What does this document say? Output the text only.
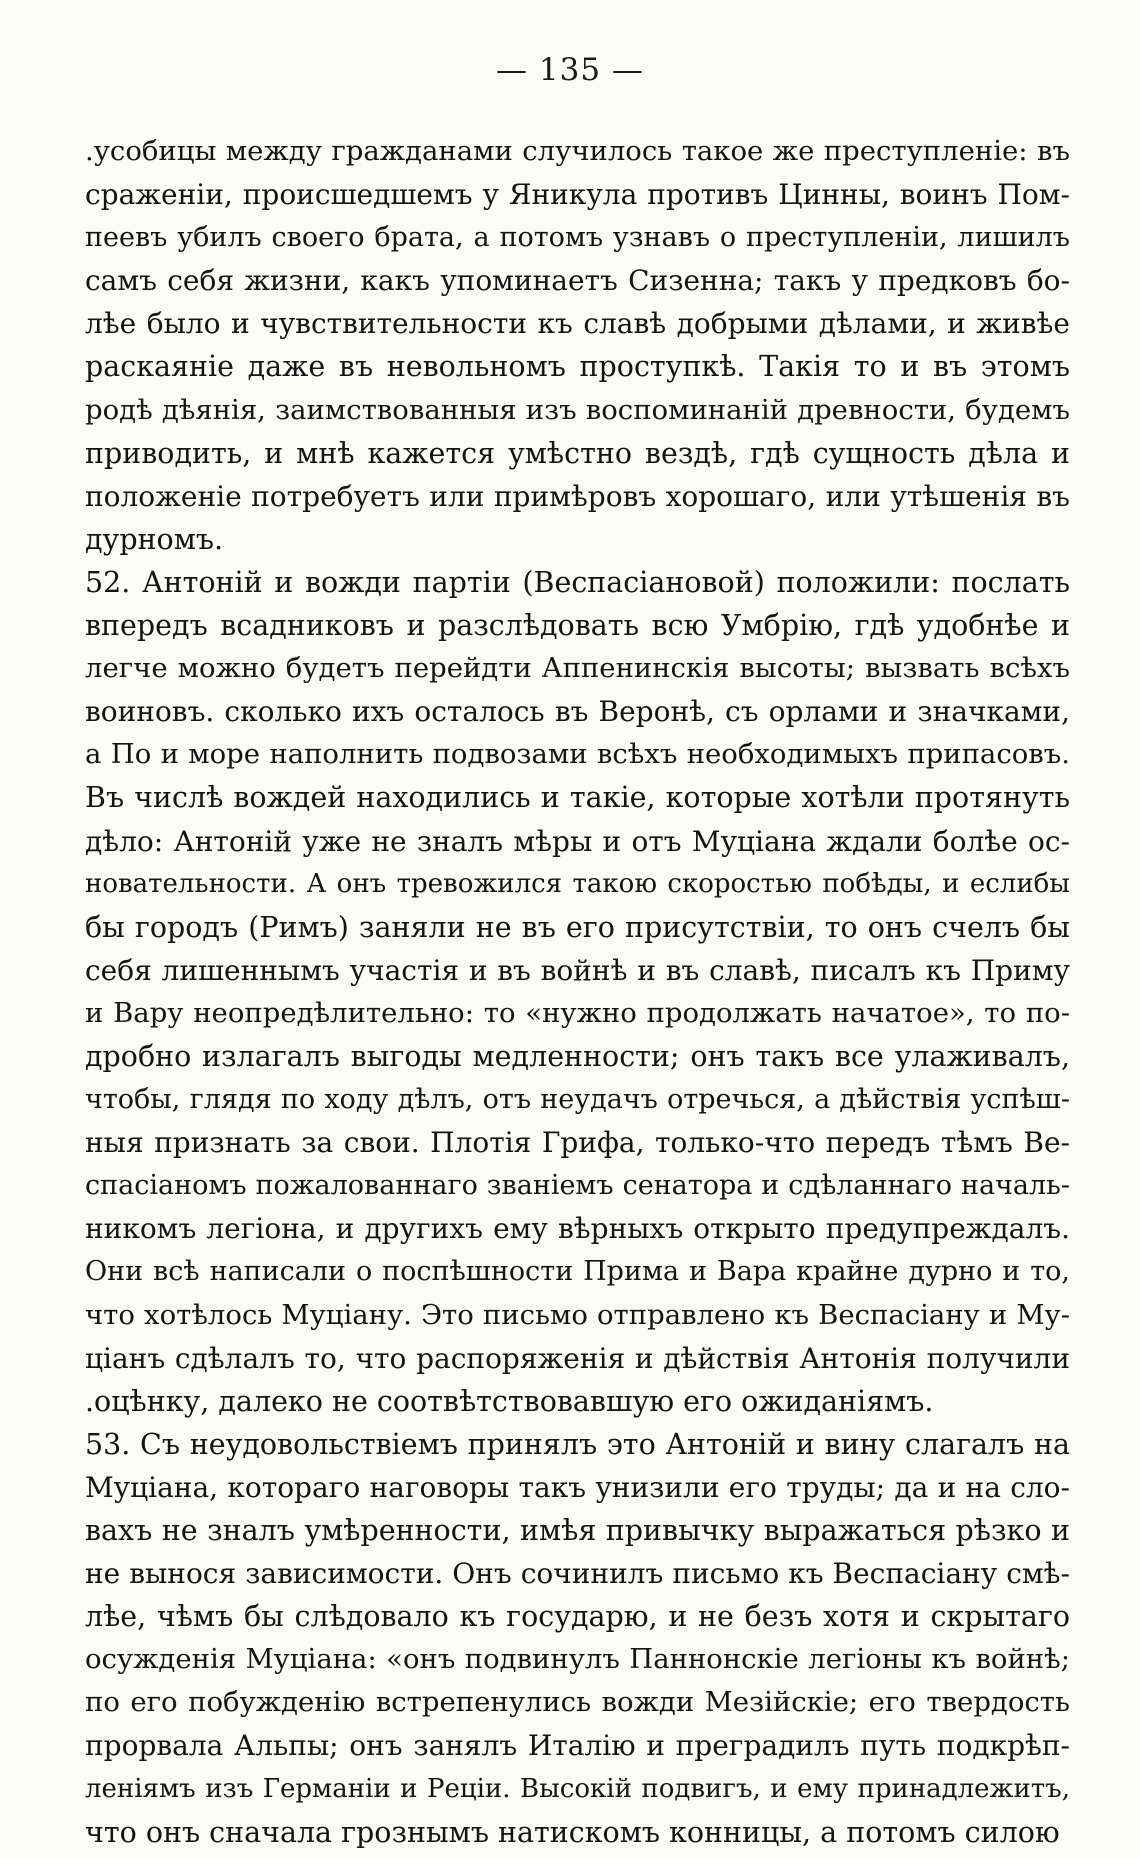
— 135 —
.усобицы между гражданами случилось такое же преступленіе: въ
сраженіи, происшедшемъ у Яникула противъ Цинны, воинъ Пом-
пеевъ убилъ своего брата, а потомъ узнавъ о преступленіи, лишилъ
самъ себя жизни, какъ упоминаетъ Сизенна; такъ у предковъ бо-
лѣе было и чувствительности къ славѣ добрыми дѣлами, и живѣе
раскаяніе даже въ невольномъ проступкѣ. Такія то и въ этомъ
родѣ дѣянія, заимствованныя изъ воспоминаній древности, будемъ
приводить, и мнѣ кажется умѣстно вездѣ, гдѣ сущность дѣла и
положеніе потребуетъ или примѣровъ хорошаго, или утѣшенія въ
дурномъ.
52. Антоній и вожди партіи (Веспасіановой) положили: послать
впередъ всадниковъ и разслѣдовать всю Умбрію, гдѣ удобнѣе и
легче можно будетъ перейдти Аппенинскія высоты; вызвать всѣхъ
воиновъ. сколько ихъ осталось въ Веронѣ, съ орлами и значками,
а По и море наполнить подвозами всѣхъ необходимыхъ припасовъ.
Въ числѣ вождей находились и такіе, которые хотѣли протянуть
дѣло: Антоній уже не зналъ мѣры и отъ Муціана ждали болѣе ос-
новательности. А онъ тревожился такою скоростью побѣды, и еслибы
бы городъ (Римъ) заняли не въ его присутствіи, то онъ счелъ бы
себя лишеннымъ участія и въ войнѣ и въ славѣ, писалъ къ Приму
и Вару неопредѣлительно: то «нужно продолжать начатое», то по-
дробно излагалъ выгоды медленности; онъ такъ все улаживалъ,
чтобы, глядя по ходу дѣлъ, отъ неудачъ отречься, а дѣйствія успѣш-
ныя признать за свои. Плотія Грифа, только-что передъ тѣмъ Ве-
спасіаномъ пожалованнаго званіемъ сенатора и сдѣланнаго началь-
никомъ легіона, и другихъ ему вѣрныхъ открыто предупреждалъ.
Они всѣ написали о поспѣшности Прима и Вара крайне дурно и то,
что хотѣлось Муціану. Это письмо отправлено къ Веспасіану и Му-
ціанъ сдѣлалъ то, что распоряженія и дѣйствія Антонія получили
.оцѣнку, далеко не соотвѣтствовавшую его ожиданіямъ.
53. Съ неудовольствіемъ принялъ это Антоній и вину слагалъ на
Муціана, котораго наговоры такъ унизили его труды; да и на сло-
вахъ не зналъ умѣренности, имѣя привычку выражаться рѣзко и
не вынося зависимости. Онъ сочинилъ письмо къ Веспасіану смѣ-
лѣе, чѣмъ бы слѣдовало къ государю, и не безъ хотя и скрытаго
осужденія Муціана: «онъ подвинулъ Паннонскіе легіоны къ войнѣ;
по его побужденію встрепенулись вожди Мезійскіе; его твердость
прорвала Альпы; онъ занялъ Италію и преградилъ путь подкрѣп-
леніямъ изъ Германіи и Реціи. Высокій подвигъ, и ему принадлежитъ,
что онъ сначала грознымъ натискомъ конницы, а потомъ силою
